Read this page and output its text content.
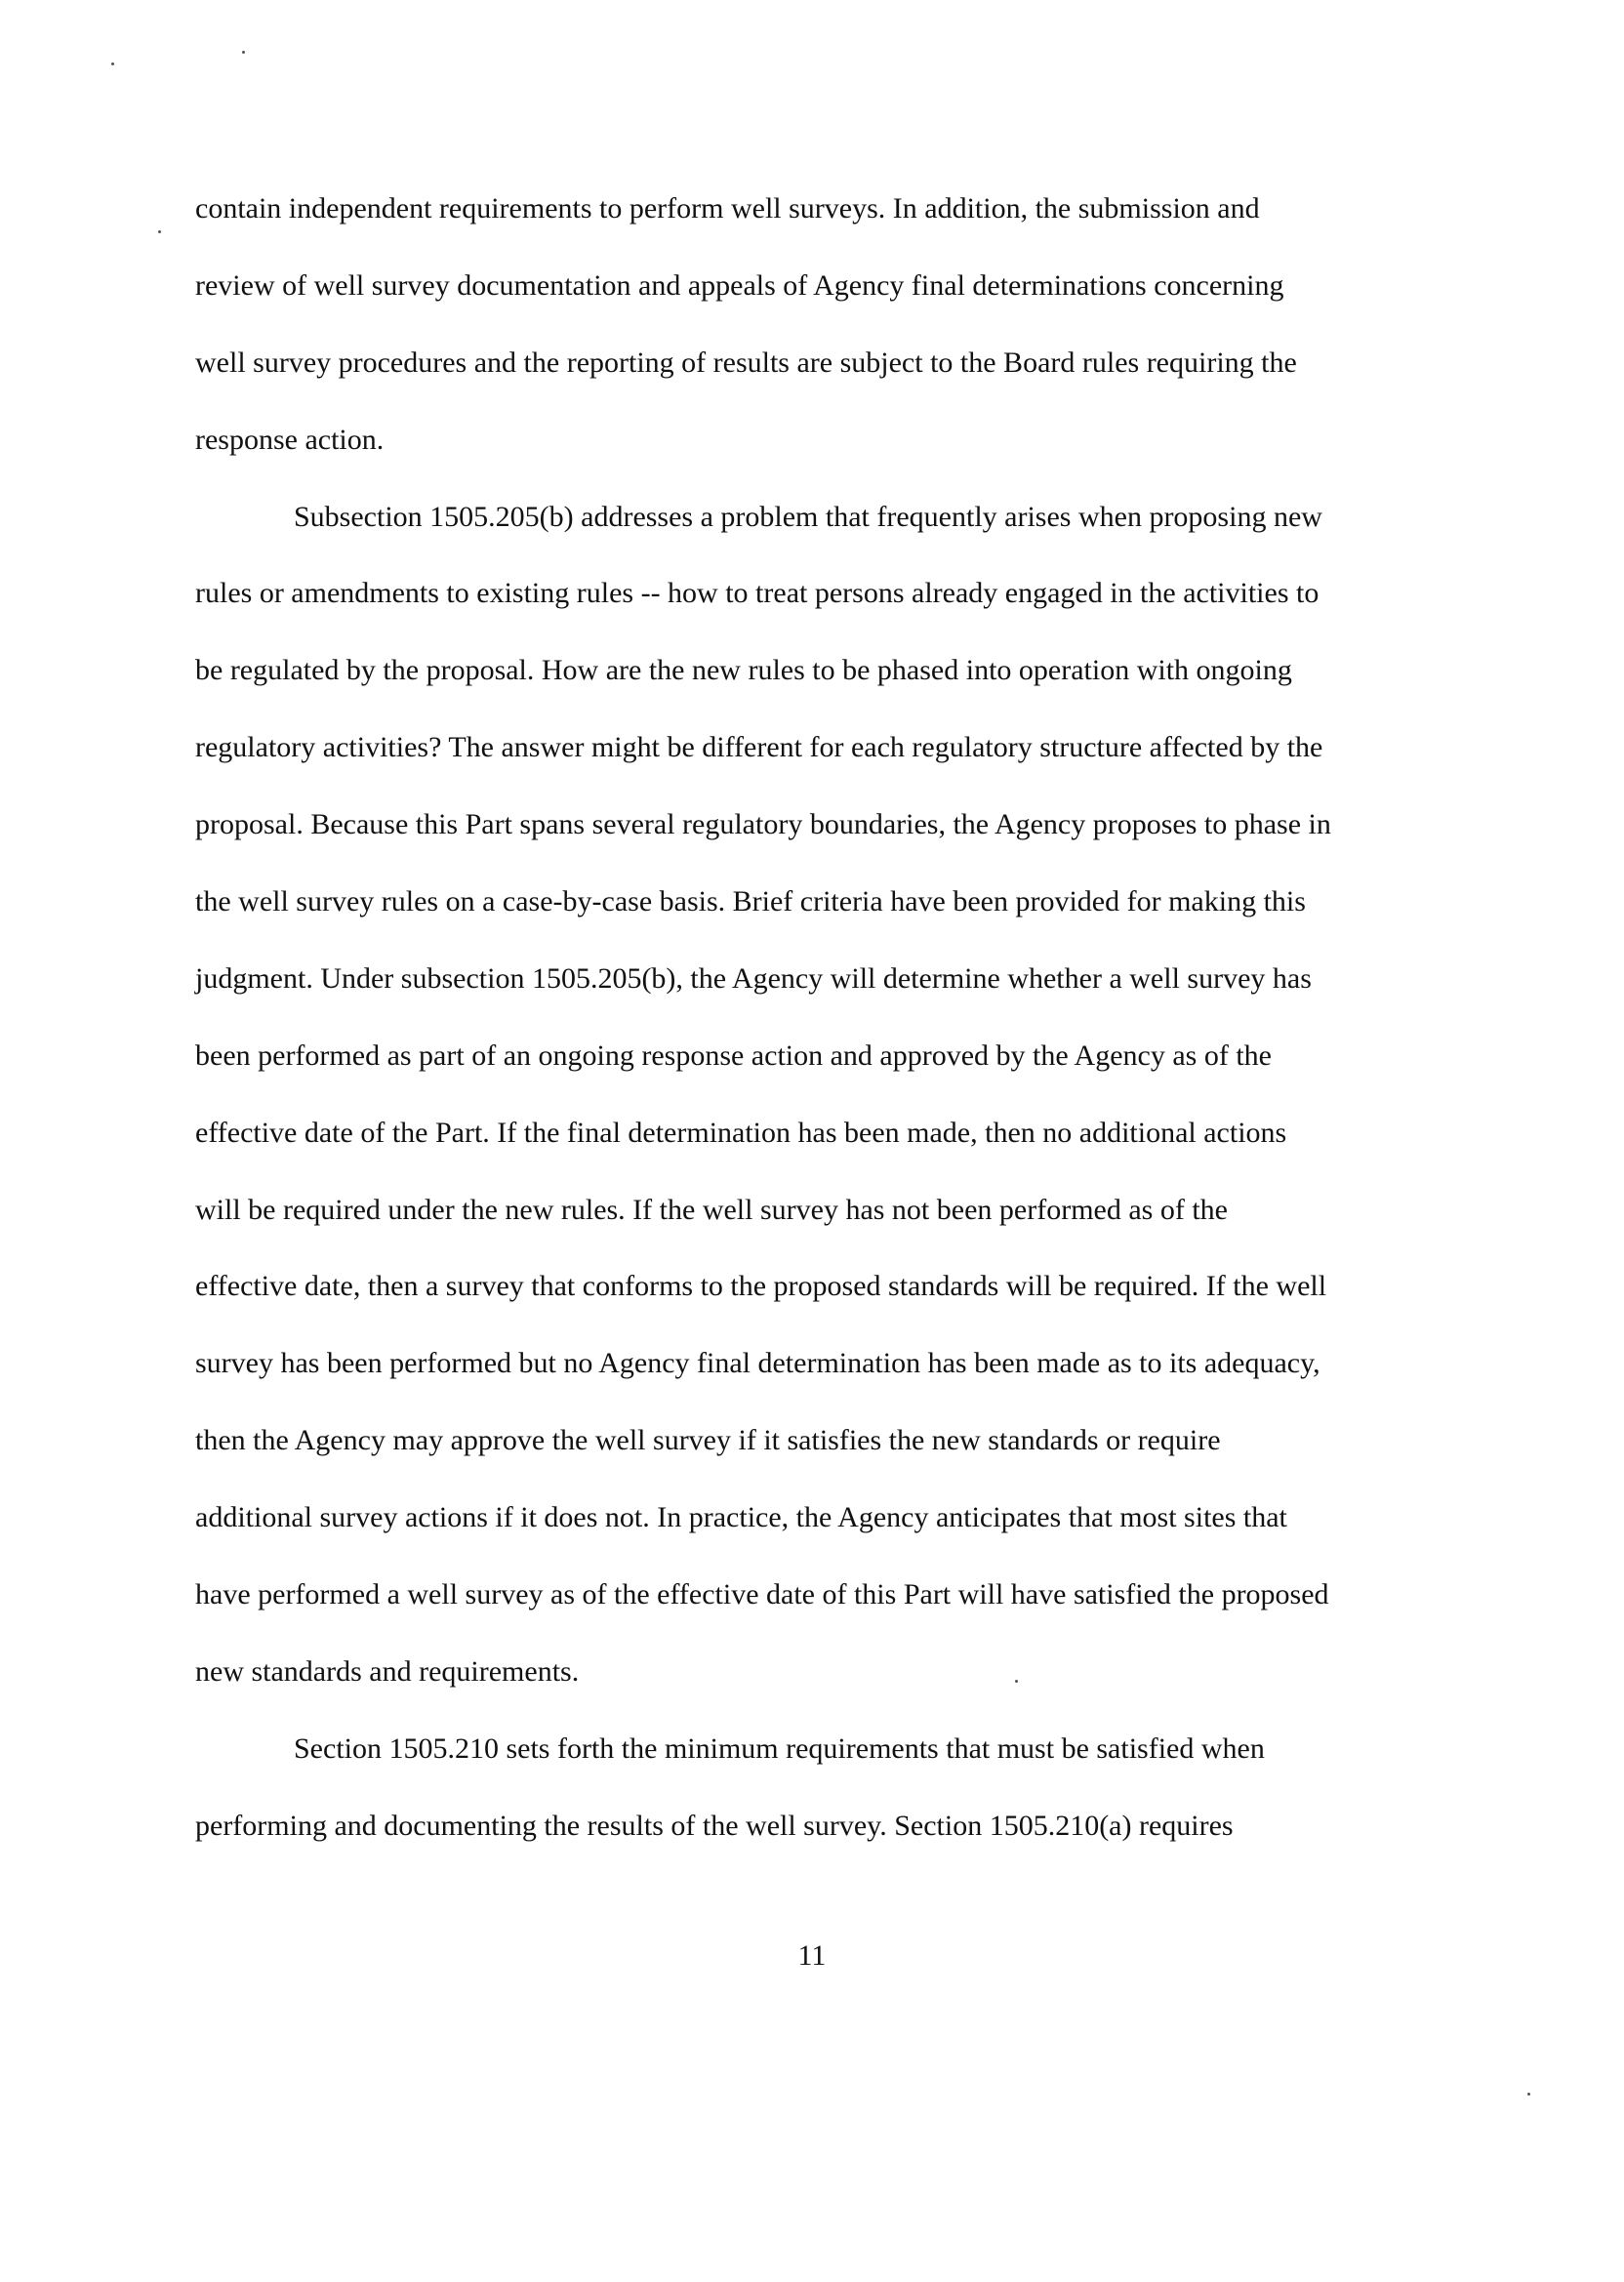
contain independent requirements to perform well surveys. In addition, the submission and
review of well survey documentation and appeals of Agency final determinations concerning
well survey procedures and the reporting of results are subject to the Board rules requiring the
response action.
Subsection 1505.205(b) addresses a problem that frequently arises when proposing new
rules or amendments to existing rules -- how to treat persons already engaged in the activities to
be regulated by the proposal. How are the new rules to be phased into operation with ongoing
regulatory activities? The answer might be different for each regulatory structure affected by the
proposal. Because this Part spans several regulatory boundaries, the Agency proposes to phase in
the well survey rules on a case-by-case basis. Brief criteria have been provided for making this
judgment. Under subsection 1505.205(b), the Agency will determine whether a well survey has
been performed as part of an ongoing response action and approved by the Agency as of the
effective date of the Part. If the final determination has been made, then no additional actions
will be required under the new rules. If the well survey has not been performed as of the
effective date, then a survey that conforms to the proposed standards will be required. If the well
survey has been performed but no Agency final determination has been made as to its adequacy,
then the Agency may approve the well survey if it satisfies the new standards or require
additional survey actions if it does not. In practice, the Agency anticipates that most sites that
have performed a well survey as of the effective date of this Part will have satisfied the proposed
new standards and requirements.
Section 1505.210 sets forth the minimum requirements that must be satisfied when
performing and documenting the results of the well survey. Section 1505.210(a) requires
11
